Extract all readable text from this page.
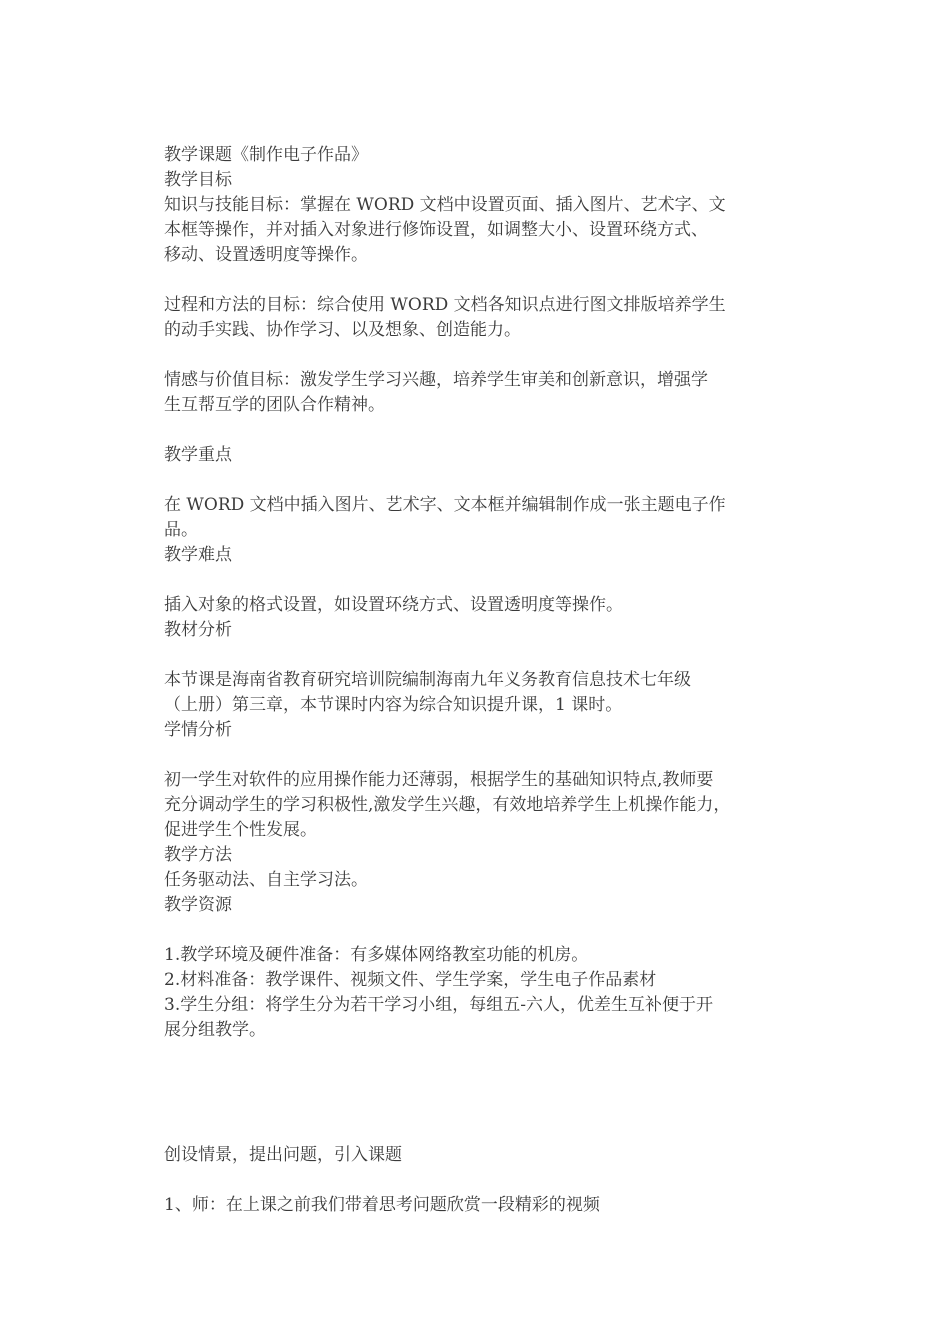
教学课题《制作电子作品》
教学目标
知识与技能目标：掌握在 WORD 文档中设置页面、插入图片、艺术字、文
本框等操作，并对插入对象进行修饰设置，如调整大小、设置环绕方式、
移动、设置透明度等操作。
过程和方法的目标：综合使用 WORD 文档各知识点进行图文排版培养学生
的动手实践、协作学习、以及想象、创造能力。
情感与价值目标：激发学生学习兴趣，培养学生审美和创新意识，增强学
生互帮互学的团队合作精神。
教学重点
在 WORD 文档中插入图片、艺术字、文本框并编辑制作成一张主题电子作
品。
教学难点
插入对象的格式设置，如设置环绕方式、设置透明度等操作。
教材分析
本节课是海南省教育研究培训院编制海南九年义务教育信息技术七年级
（上册）第三章，本节课时内容为综合知识提升课，1 课时。
学情分析
初一学生对软件的应用操作能力还薄弱，根据学生的基础知识特点,教师要
充分调动学生的学习积极性,激发学生兴趣，有效地培养学生上机操作能力，
促进学生个性发展。
教学方法
任务驱动法、自主学习法。
教学资源
1.教学环境及硬件准备：有多媒体网络教室功能的机房。
2.材料准备：教学课件、视频文件、学生学案，学生电子作品素材
3.学生分组：将学生分为若干学习小组，每组五-六人，优差生互补便于开
展分组教学。
创设情景，提出问题，引入课题
1、师：在上课之前我们带着思考问题欣赏一段精彩的视频
